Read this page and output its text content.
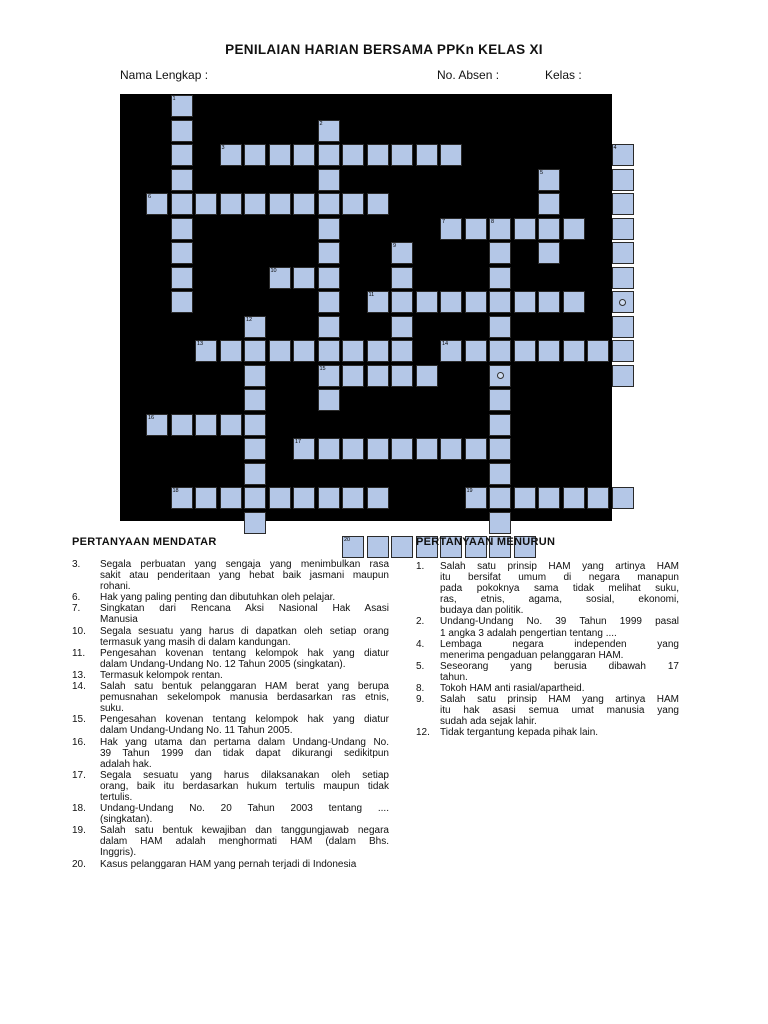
PENILAIAN HARIAN BERSAMA PPKn KELAS XI
Nama Lengkap :	No. Absen :	Kelas :
3
6
7
10
11
13	14
15
16
17
18	19
20
1
2
4
5
8
9
12
PERTANYAAN MENDATAR	PERTANYAAN MENURUN
3.	Segala perbuatan yang sengaja yang menimbulkan rasa
sakit atau penderitaan yang hebat baik jasmani maupun
rohani.
6.	Hak yang paling penting dan dibutuhkan oleh pelajar.
7.	Singkatan dari Rencana Aksi Nasional Hak Asasi
Manusia
10.	Segala sesuatu yang harus di dapatkan oleh setiap orang
termasuk yang masih di dalam kandungan.
11.	Pengesahan kovenan tentang kelompok hak yang diatur
dalam Undang-Undang No. 12 Tahun 2005 (singkatan).
13.	Termasuk kelompok rentan.
14.	Salah satu bentuk pelanggaran HAM berat yang berupa
pemusnahan sekelompok manusia berdasarkan ras etnis,
suku.
15.	Pengesahan kovenan tentang kelompok hak yang diatur
dalam Undang-Undang No. 11 Tahun 2005.
16.	Hak yang utama dan pertama dalam Undang-Undang No.
39 Tahun 1999 dan tidak dapat dikurangi sedikitpun
adalah hak.
17.	Segala sesuatu yang harus dilaksanakan oleh setiap
orang, baik itu berdasarkan hukum tertulis maupun tidak
tertulis.
18.	Undang-Undang No. 20 Tahun 2003 tentang ....
(singkatan).
19.	Salah satu bentuk kewajiban dan tanggungjawab negara
dalam HAM adalah menghormati HAM (dalam Bhs.
Inggris).
20.	Kasus pelanggaran HAM yang pernah terjadi di Indonesia
1.	Salah satu prinsip HAM yang artinya HAM
itu bersifat umum di negara manapun
pada pokoknya sama tidak melihat suku,
ras, etnis, agama, sosial, ekonomi,
budaya dan politik.
2.	Undang-Undang No. 39 Tahun 1999 pasal
1 angka 3 adalah pengertian tentang ....
4.	Lembaga negara independen yang
menerima pengaduan pelanggaran HAM.
5.	Seseorang yang berusia dibawah 17
tahun.
8.	Tokoh HAM anti rasial/apartheid.
9.	Salah satu prinsip HAM yang artinya HAM
itu hak asasi semua umat manusia yang
sudah ada sejak lahir.
12.	Tidak tergantung kepada pihak lain.
